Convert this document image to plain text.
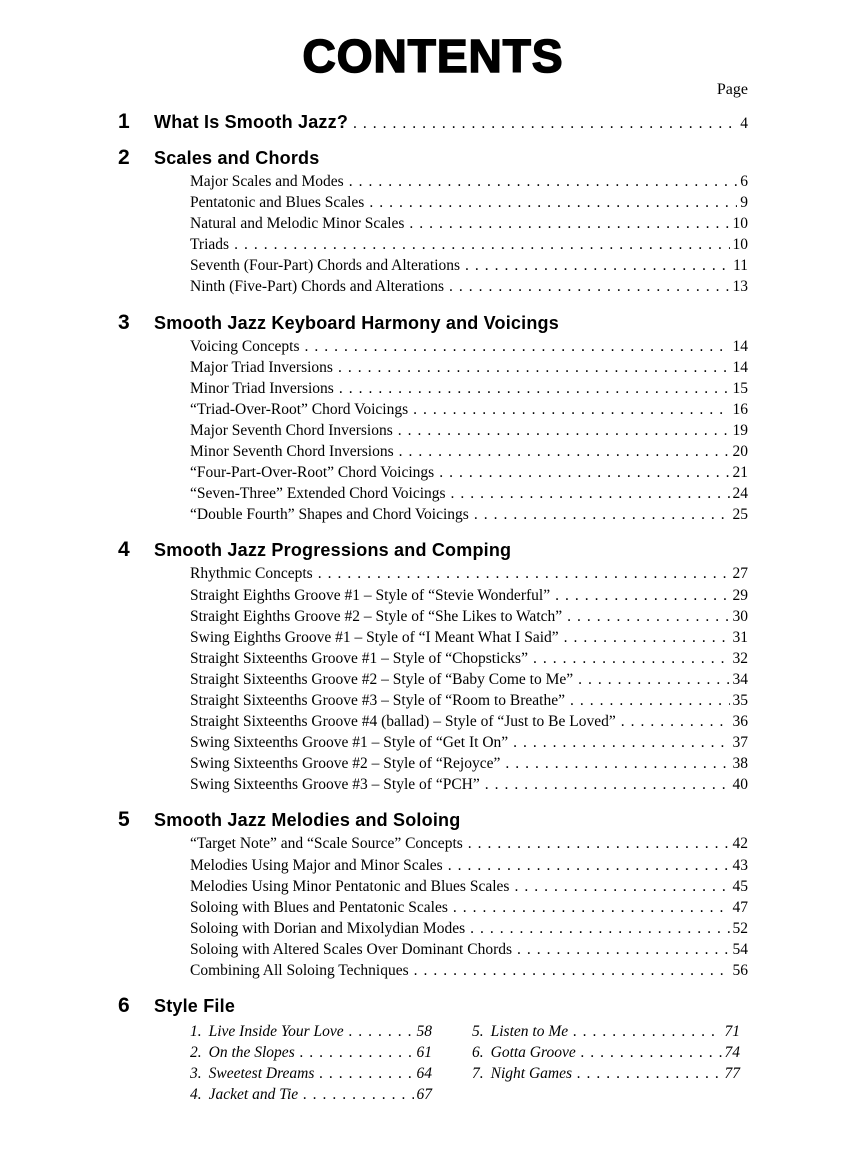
CONTENTS
Page
1	What Is Smooth Jazz? .....	4
2	Scales and Chords
Major Scales and Modes .....	6
Pentatonic and Blues Scales .....	9
Natural and Melodic Minor Scales .....	10
Triads .....	10
Seventh (Four-Part) Chords and Alterations .....	11
Ninth (Five-Part) Chords and Alterations .....	13
3	Smooth Jazz Keyboard Harmony and Voicings
Voicing Concepts .....	14
Major Triad Inversions .....	14
Minor Triad Inversions .....	15
“Triad-Over-Root” Chord Voicings .....	16
Major Seventh Chord Inversions .....	19
Minor Seventh Chord Inversions .....	20
“Four-Part-Over-Root” Chord Voicings .....	21
“Seven-Three” Extended Chord Voicings .....	24
“Double Fourth” Shapes and Chord Voicings .....	25
4	Smooth Jazz Progressions and Comping
Rhythmic Concepts .....	27
Straight Eighths Groove #1 – Style of “Stevie Wonderful” .....	29
Straight Eighths Groove #2 – Style of “She Likes to Watch” .....	30
Swing Eighths Groove #1 – Style of “I Meant What I Said” .....	31
Straight Sixteenths Groove #1 – Style of “Chopsticks” .....	32
Straight Sixteenths Groove #2 – Style of “Baby Come to Me” .....	34
Straight Sixteenths Groove #3 – Style of “Room to Breathe” .....	35
Straight Sixteenths Groove #4 (ballad) – Style of “Just to Be Loved” .....	36
Swing Sixteenths Groove #1 – Style of “Get It On” .....	37
Swing Sixteenths Groove #2 – Style of “Rejoyce” .....	38
Swing Sixteenths Groove #3 – Style of “PCH” .....	40
5	Smooth Jazz Melodies and Soloing
“Target Note” and “Scale Source” Concepts .....	42
Melodies Using Major and Minor Scales .....	43
Melodies Using Minor Pentatonic and Blues Scales .....	45
Soloing with Blues and Pentatonic Scales .....	47
Soloing with Dorian and Mixolydian Modes .....	52
Soloing with Altered Scales Over Dominant Chords .....	54
Combining All Soloing Techniques .....	56
6	Style File
1. Live Inside Your Love .....	58
2. On the Slopes .....	61
3. Sweetest Dreams .....	64
4. Jacket and Tie .....	67
5. Listen to Me .....	71
6. Gotta Groove .....	74
7. Night Games .....	77
